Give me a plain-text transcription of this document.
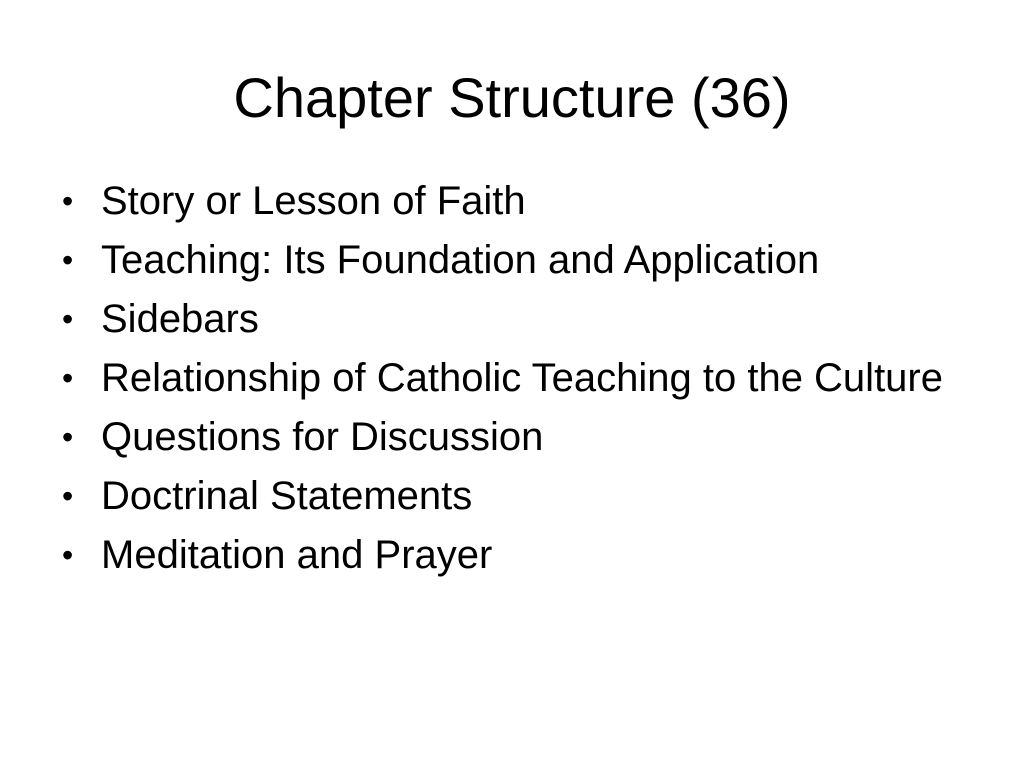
Chapter Structure (36)
• Story or Lesson of Faith
• Teaching: Its Foundation and Application
• Sidebars
• Relationship of Catholic Teaching to the Culture
• Questions for Discussion
• Doctrinal Statements
• Meditation and Prayer
